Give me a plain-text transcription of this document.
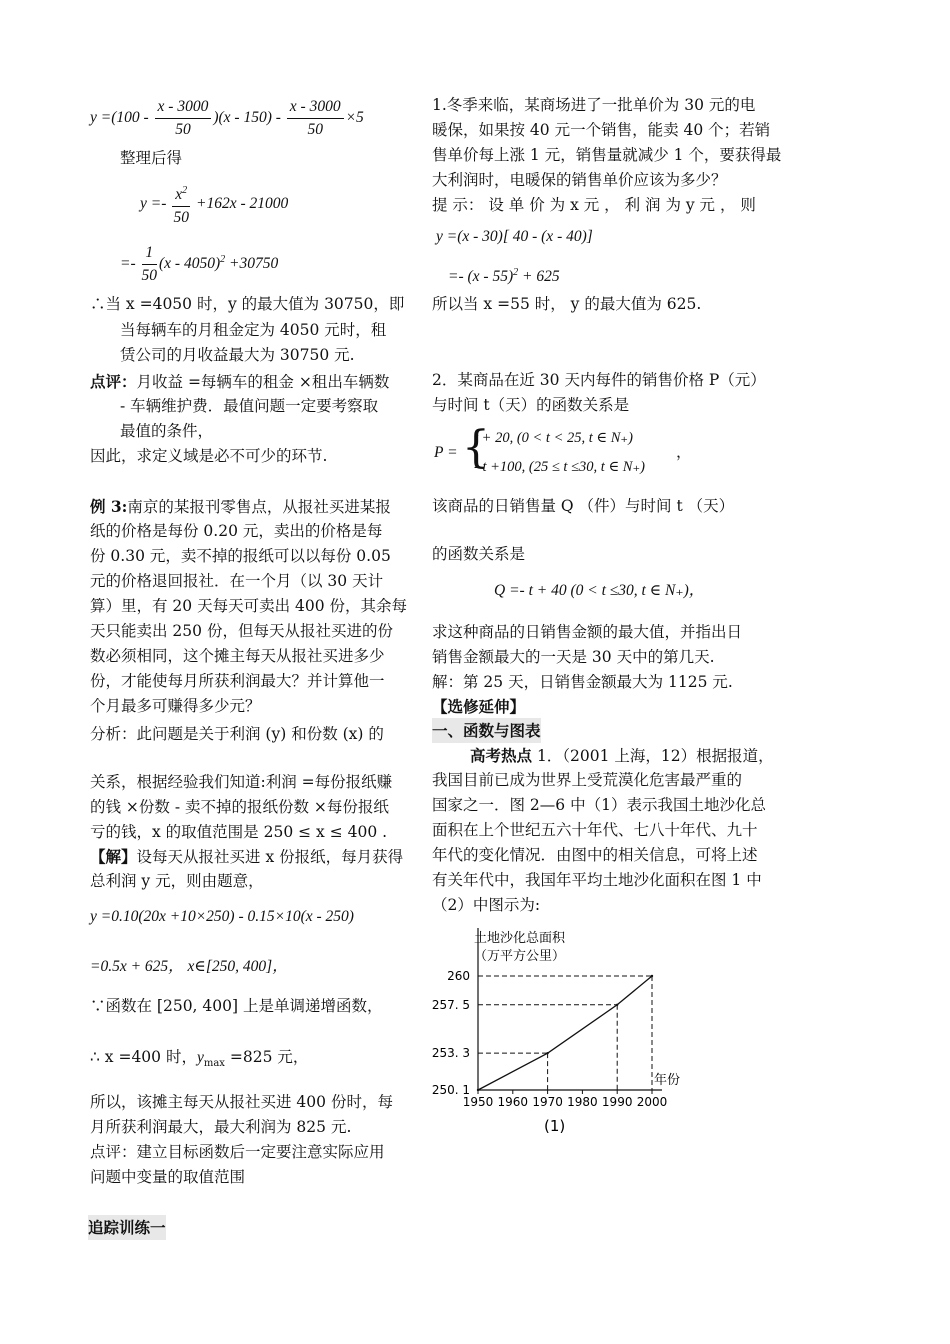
$y =(100 - \frac{x - 3000}{50} )(x - 150) - \frac{x - 3000}{50} \times 5$
整理后得
$y =- \frac{x^2}{50} +162x - 21000$
=- $\frac{1}{50} (x - 4050)^2 +30750$
∴当 x =4050 时，y 的最大值为 30750，即
当每辆车的月租金定为 4050 元时，租
赁公司的月收益最大为 30750 元.
点评：月收益 =每辆车的租金 ×租出车辆数
- 车辆维护费．最值问题一定要考察取
最值的条件，
因此，求定义域是必不可少的环节.
例 3:南京的某报刊零售点，从报社买进某报
纸的价格是每份 0.20 元，卖出的价格是每
份 0.30 元，卖不掉的报纸可以以每份 0.05
元的价格退回报社．在一个月（以 30 天计
算）里，有 20 天每天可卖出 400 份，其余每
天只能卖出 250 份，但每天从报社买进的份
数必须相同，这个摊主每天从报社买进多少
份，才能使每月所获利润最大？并计算他一
个月最多可赚得多少元？
分析：此问题是关于利润 (y) 和份数 (x) 的
关系，根据经验我们知道:利润 =每份报纸赚
的钱 ×份数 - 卖不掉的报纸份数 ×每份报纸
亏的钱，x 的取值范围是 250 ≤ x ≤ 400 .
【解】设每天从报社买进 x 份报纸，每月获得
总利润 y 元，则由题意，
y =0.10(20x +10×250) - 0.15×10(x - 250)
=0.5x + 625， x∈[250, 400]，
∵函数在 [250, 400] 上是单调递增函数，
∴ x =400 时，$y_{max} =825$ 元，
所以，该摊主每天从报社买进 400 份时，每
月所获利润最大，最大利润为 825 元.
点评：建立目标函数后一定要注意实际应用
问题中变量的取值范围
追踪训练一
1.冬季来临，某商场进了一批单价为 30 元的电
暖保，如果按 40 元一个销售，能卖 40 个；若销
售单价每上涨 1 元，销售量就减少 1 个，要获得最
大利润时，电暖保的销售单价应该为多少？
提 示： 设 单 价 为 x 元 ， 利 润 为 y 元 ， 则
y =(x - 30)[ 40 - (x - 40)]
=- (x - 55)$^2$ + 625
所以当 x =55 时， y 的最大值为 625.
2．某商品在近 30 天内每件的销售价格 P（元）
与时间 t（天）的函数关系是
P = {
t + 20, (0 < t < 25, t ∈ N₊)
- t +100, (25 ≤ t ≤30, t ∈ N₊)
，
该商品的日销售量 Q （件）与时间 t （天）
的函数关系是
Q =- t + 40 (0 < t ≤30, t ∈ N₊)，
求这种商品的日销售金额的最大值，并指出日
销售金额最大的一天是 30 天中的第几天.
解：第 25 天，日销售金额最大为 1125 元.
【选修延伸】
一、函数与图表
高考热点 1．（2001 上海，12）根据报道，
我国目前已成为世界上受荒漠化危害最严重的
国家之一．图 2—6 中（1）表示我国土地沙化总
面积在上个世纪五六十年代、七八十年代、九十
年代的变化情况．由图中的相关信息，可将上述
有关年代中，我国年平均土地沙化面积在图 1 中
（2）中图示为:
土地沙化总面积
（万平方公里）
年份
(1)
1950 1960 1970 1980 1990 2000
250. 1
253. 3
257. 5
260
